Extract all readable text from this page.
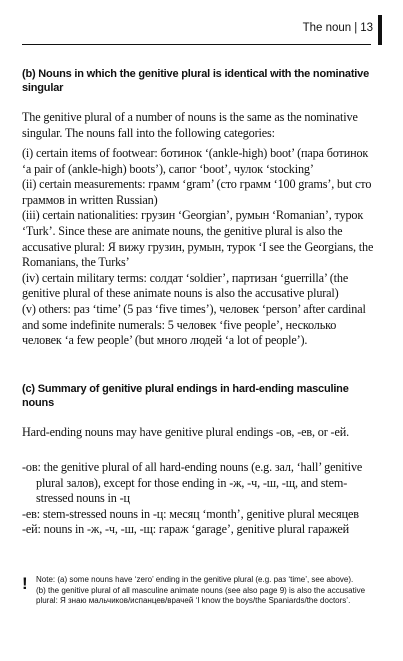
The noun | 13
(b) Nouns in which the genitive plural is identical with the nominative singular
The genitive plural of a number of nouns is the same as the nominative singular. The nouns fall into the following categories:
(i) certain items of footwear: ботинок ‘(ankle-high) boot’ (пара ботинок ‘a pair of (ankle-high) boots’), сапог ‘boot’, чулок ‘stocking’
(ii) certain measurements: грамм ‘gram’ (сто грамм ‘100 grams’, but сто граммов in written Russian)
(iii) certain nationalities: грузин ‘Georgian’, румын ‘Romanian’, турок ‘Turk’. Since these are animate nouns, the genitive plural is also the accusative plural: Я вижу грузин, румын, турок ‘I see the Georgians, the Romanians, the Turks’
(iv) certain military terms: солдат ‘soldier’, партизан ‘guerrilla’ (the genitive plural of these animate nouns is also the accusative plural)
(v) others: раз ‘time’ (5 раз ‘five times’), человек ‘person’ after cardinal and some indefinite numerals: 5 человек ‘five people’, несколько человек ‘a few people’ (but много людей ‘a lot of people’).
(c) Summary of genitive plural endings in hard-ending masculine nouns
Hard-ending nouns may have genitive plural endings -ов, -ев, or -ей.
-ов: the genitive plural of all hard-ending nouns (e.g. зал, ‘hall’ genitive plural залов), except for those ending in -ж, -ч, -ш, -щ, and stem-stressed nouns in -ц
-ев: stem-stressed nouns in -ц: месяц ‘month’, genitive plural месяцев
-ей: nouns in -ж, -ч, -ш, -щ: гараж ‘garage’, genitive plural гаражей
! Note: (a) some nouns have ‘zero’ ending in the genitive plural (e.g. раз ‘time’, see above).
(b) the genitive plural of all masculine animate nouns (see also page 9) is also the accusative plural: Я знаю мальчиков/испанцев/врачей ‘I know the boys/the Spaniards/the doctors’.
